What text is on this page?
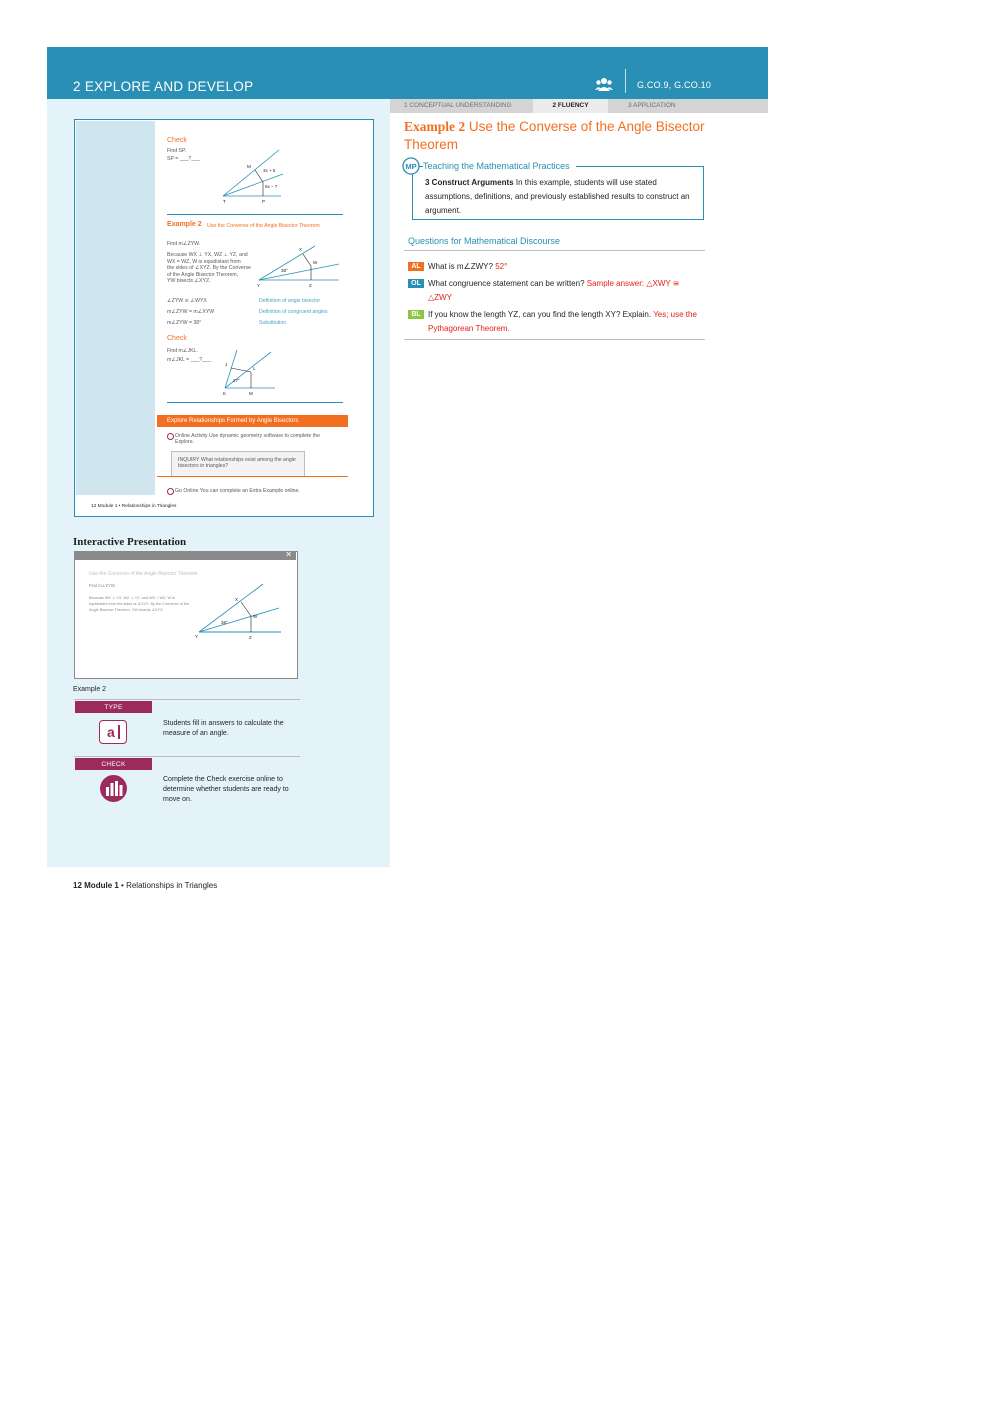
2 EXPLORE AND DEVELOP	G.CO.9, G.CO.10
1 CONCEPTUAL UNDERSTANDING	2 FLUENCY	3 APPLICATION
Check
Find SP.
SP = ___?___
M
3x + 5
6x − 7
T	P
Example 2 Use the Converse of the Angle Bisector Theorem
Find m∠ZYW.
Because WX ⊥ YX, WZ ⊥ YZ, and
WX = WZ, W is equidistant from
the sides of ∠XYZ. By the Converse
of the Angle Bisector Theorem,
YW bisects ∠XYZ.
X
W
Y	Z
38°
∠ZYW ≅ ∠WYX	Definition of angle bisector
m∠ZYW = m∠XYW	Definition of congruent angles
m∠ZYW = 38°	Substitution
Check
Find m∠JKL.
m∠JKL = ___?___
J
K
L
M
27°
Explore Relationships Formed by Angle Bisectors
Online Activity Use dynamic geometry software to complete the Explore.
INQUIRY What relationships exist among the angle bisectors in triangles?
Go Online You can complete an Extra Example online.
12 Module 1 • Relationships in Triangles
Interactive Presentation
✕
Use the Converse of the Angle Bisector Theorem
Find m∠ZYW.
Because WX ⊥ YX, WZ ⊥ YZ, and WX = WZ, W is
equidistant from the sides of ∠XYZ. By the Converse of the
Angle Bisector Theorem, YW bisects ∠XYZ.
X
W
Z
Y
38°
Example 2
TYPE
a
Students fill in answers to calculate the measure of an angle.
CHECK
Complete the Check exercise online to determine whether students are ready to move on.
12 Module 1 • Relationships in Triangles
Example 2 Use the Converse of the Angle Bisector Theorem
MP Teaching the Mathematical Practices
3 Construct Arguments In this example, students will use stated assumptions, definitions, and previously established results to construct an argument.
Questions for Mathematical Discourse
AL What is m∠ZWY? 52°
OL What congruence statement can be written? Sample answer: △XWY ≅ △ZWY
BL If you know the length YZ, can you find the length XY? Explain. Yes; use the Pythagorean Theorem.
